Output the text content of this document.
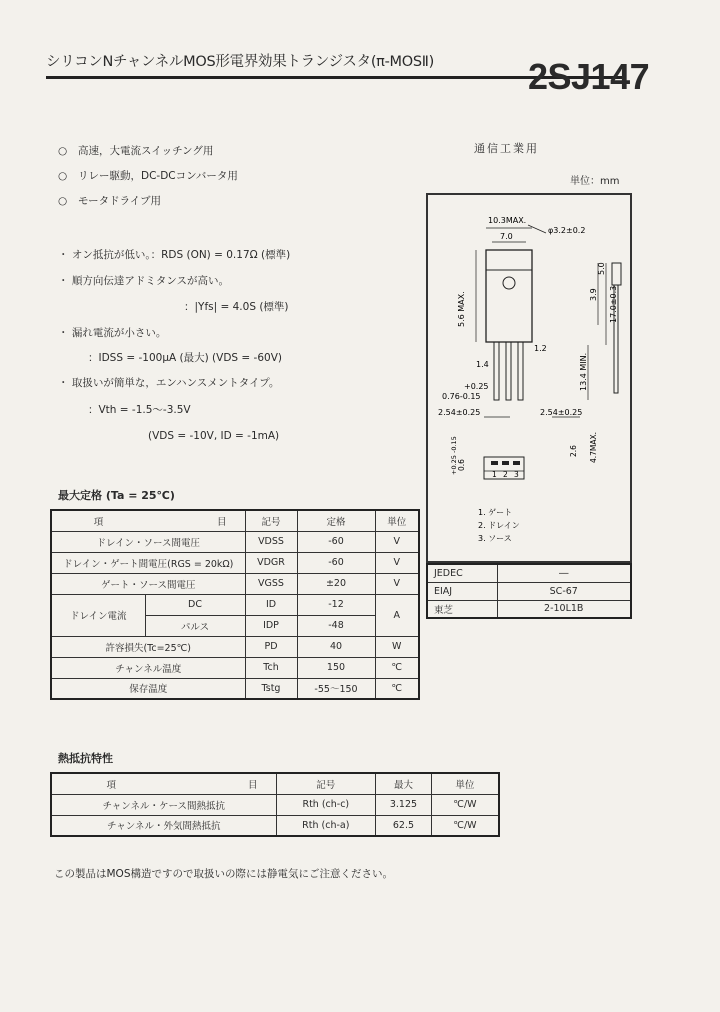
シリコンNチャンネルMOS形電界効果トランジスタ(π-MOSⅡ)	2SJ147
○ 高速，大電流スイッチング用
○ リレー駆動，DC-DCコンバータ用
○ モータドライブ用
・ オン抵抗が低い。：RDS (ON) = 0.17Ω (標準)
・ 順方向伝達アドミタンスが高い。
：|Yfs| = 4.0S (標準)
・ 漏れ電流が小さい。
：IDSS = -100μA (最大) (VDS = -60V)
・ 取扱いが簡単な，エンハンスメントタイプ。
：Vth = -1.5～-3.5V
(VDS = -10V, ID = -1mA)
通信工業用
単位：mm
10.3MAX.
7.0
φ3.2±0.2
5.6 MAX.	3.9
5.0
17.0±0.3
13.4 MIN.
1.2
1.4
+0.25
0.76-0.15
2.54±0.25	2.54±0.25
1 2 3
0.6
+0.25 -0.15	2.6 4.7MAX.
1. ゲート
2. ドレイン
3. ソース
JEDEC	―
EIAJ	SC-67
東芝	2-10L1B
最大定格 (Ta = 25℃)
項	目	記号	定格	単位
ドレイン・ソース間電圧		VDSS	-60	V
ドレイン・ゲート間電圧(RGS = 20kΩ)		VDGR	-60	V
ゲート・ソース間電圧		VGSS	±20	V
ドレイン電流	DC	ID	-12	A
	パルス	IDP	-48	
許容損失(Tc=25℃)		PD	40	W
チャンネル温度		Tch	150	℃
保存温度		Tstg	-55～150	℃
熱抵抗特性
項	目	記号	最大	単位
チャンネル・ケース間熱抵抗		Rth (ch-c)	3.125	℃/W
チャンネル・外気間熱抵抗		Rth (ch-a)	62.5	℃/W
この製品はMOS構造ですので取扱いの際には静電気にご注意ください。
